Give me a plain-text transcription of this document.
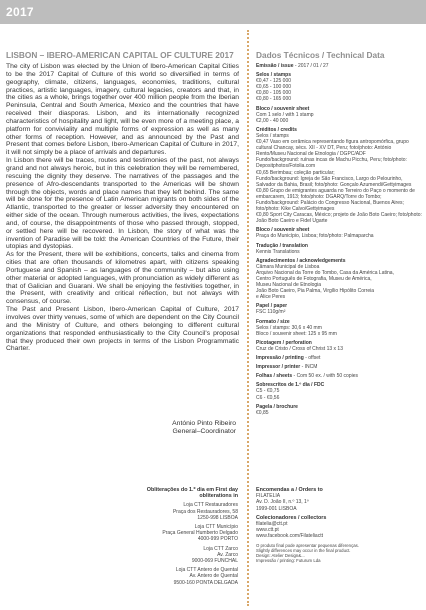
2017
LISBON – IBERO-AMERICAN CAPITAL OF CULTURE 2017	Dados Técnicos / Technical Data

The city of Lisbon was elected by the Union of Ibero-American Capital Cities to be the 2017 Capital of Culture of this world so diversified in terms of geography, climate, citizens, languages, economies, traditions, cultural practices, artistic languages, imagery, cultural legacies, creators and that, in the cities as a whole, brings together over 400 million people from the Iberian Peninsula, Central and South America, Mexico and the countries that have received their diasporas. Lisbon, and its internationally recognized characteristics of hospitality and light, will be even more of a meeting place, a platform for conviviality and multiple forms of expression as well as many other forms of reception. However, and as announced by the Past and Present that comes before Lisbon, Ibero-American Capital of Culture in 2017, it will not simply be a place of arrivals and departures.

In Lisbon there will be traces, routes and testimonies of the past, not always grand and not always heroic, but in this celebration they will be remembered, rescuing the dignity they deserve. The narratives of the passages and the presence of Afro-descendants transported to the Americas will be shown through the objects, words and place names that they left behind. The same will be done for the presence of Latin American migrants on both sides of the Atlantic, transported to the greater or lesser adversity they encountered on either side of the ocean. Through numerous activities, the lives, expectations and, of course, the disappointments of those who passed through, stopped, or settled here will be recovered. In Lisbon, the story of what was the invention of Paradise will be told: the American Countries of the Future, their utopias and dystopias.

As for the Present, there will be exhibitions, concerts, talks and cinema from cities that are often thousands of kilometres apart, with citizens speaking Portuguese and Spanish – as languages of the community – but also using other material or adopted languages, with pronunciation as widely different as that of Galician and Guarani. We shall be enjoying the festivities together, in the Present, with creativity and critical reflection, but not always with consensus, of course.

The Past and Present Lisbon, Ibero-American Capital of Culture, 2017 involves over thirty venues, some of which are dependent on the City Council and the Ministry of Culture, and others belonging to different cultural organizations that responded enthusiastically to the City Council's proposal that they produced their own projects in terms of the Lisbon Programmatic Charter.

António Pinto Ribeiro
General–Coordinator
Obliterações do 1.º dia em First day obliterations in
Loja CTT Restauradores
Praça dos Restauradores, 58
1250-998 LISBOA
Loja CTT Município
Praça General Humberto Delgado
4000-999 PORTO
Loja CTT Zarco
Av. Zarco
9000-069 FUNCHAL
Loja CTT Antero de Quental
Av. Antero de Quental
9500-160 PONTA DELGADA
Emissão / issue - 2017 / 01 / 27
Selos / stamps
€0,47 - 125 000
€0,65 - 100 000
€0,80 - 105 000
€0,80 - 165 000
Bloco / souvenir sheet
Com 1 selo / with 1 stamp
€2,00 - 40 000
Créditos / credits
Selos / stamps
€0,47 Vaso em cerâmica representando figura antropomórfica, grupo cultural Chancay, sécs. XII - XV DT, Peru; foto/photo: António Rento/Museu Nacional de Etnologia / DGPC/ADF
Fundo/background: ruínas incas de Machu Picchu, Peru; foto/photo: Depositphotos/Fotolia.com
€0,65 Berimbau; coleção particular;
Fundo/background: Igreja de São Francisco, Largo do Pelourinho, Salvador da Bahia, Brasil; foto/photo: Gonçalo Azumendi/Gettyimages
€0,80 Grupo de emigrantes aguarda no Terreiro do Paço o momento de embarcarem, 1913; foto/photo: DGARQ/Torre do Tombo;
Fundo/background: Palácio do Congresso Nacional, Buenos Aires; foto/photo: Kike Calvo/Gettyimages
€0,80 Sport City Caracas, México; projeto de João Boto Caeiro; foto/photo: João Boto Caeiro e Fidel Ugarte
Bloco / souvenir sheet
Praça do Município, Lisboa; foto/photo: Palmaparcha
Tradução / translation
Kennis Translations
Agradecimentos / acknowledgements
Câmara Municipal de Lisboa
Arquivo Nacional da Torre do Tombo, Casa da América Latina,
Centro Português de Fotografia, Museu de América,
Museu Nacional de Etnologia
João Boto Caeiro, Pia Palma, Virgílio Hipólito Correia
e Alice Peres
Papel / paper
FSC 110g/m²
Formato / size
Selos / stamps: 30,6 x 40 mm
Bloco / souvenir sheet: 125 x 95 mm
Picotagem / perforation
Cruz de Cristo / Cross of Christ 13 x 13
Impressão / printing - offset
Impressor / printer - INCM
Folhas / sheets - Com 50 ex. / with 50 copies
Sobrescritos de 1.º dia / FDC
C5 - €0,75
C6 - €0,56
Pagela / brochure
€0,85
Encomendas a / Orders to
FILATELIA
Av. D. João II, n.º 13, 1º
1999-001 LISBOA
Colecionadores / collectors
filatelia@ctt.pt
www.ctt.pt
www.facebook.com/Filateliactt
O produto final pode apresentar pequenas diferenças.
Slightly differences may occur in the final product.
Design: Atelier Design&...
Impressão / printing: Futurum Lda
